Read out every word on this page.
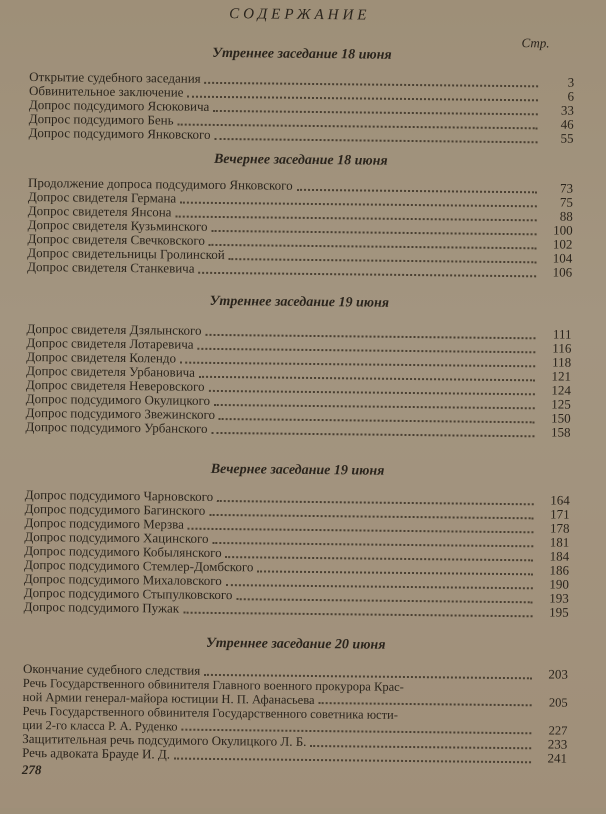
СОДЕРЖАНИЕ
Стр.
Утреннее заседание 18 июня
Открытие судебного заседания	3
Обвинительное заключение	6
Допрос подсудимого Ясюковича	33
Допрос подсудимого Бень	46
Допрос подсудимого Янковского	55
Вечернее заседание 18 июня
Продолжение допроса подсудимого Янковского	73
Допрос свидетеля Германа	75
Допрос свидетеля Янсона	88
Допрос свидетеля Кузьминского	100
Допрос свидетеля Свечковского	102
Допрос свидетельницы Гролинской	104
Допрос свидетеля Станкевича	106
Утреннее заседание 19 июня
Допрос свидетеля Дзялынского	111
Допрос свидетеля Лотаревича	116
Допрос свидетеля Колендо	118
Допрос свидетеля Урбановича	121
Допрос свидетеля Неверовского	124
Допрос подсудимого Окулицкого	125
Допрос подсудимого Звежинского	150
Допрос подсудимого Урбанского	158
Вечернее заседание 19 июня
Допрос подсудимого Чарновского	164
Допрос подсудимого Багинского	171
Допрос подсудимого Мерзва	178
Допрос подсудимого Хацинского	181
Допрос подсудимого Кобылянского	184
Допрос подсудимого Стемлер-Домбского	186
Допрос подсудимого Михаловского	190
Допрос подсудимого Стыпулковского	193
Допрос подсудимого Пужак	195
Утреннее заседание 20 июня
Окончание судебного следствия	203
Речь Государственного обвинителя Главного военного прокурора Крас-
ной Армии генерал-майора юстиции Н. П. Афанасьева	205
Речь Государственного обвинителя Государственного советника юсти-
ции 2-го класса Р. А. Руденко	227
Защитительная речь подсудимого Окулицкого Л. Б.	233
Речь адвоката Брауде И. Д.	241
278
